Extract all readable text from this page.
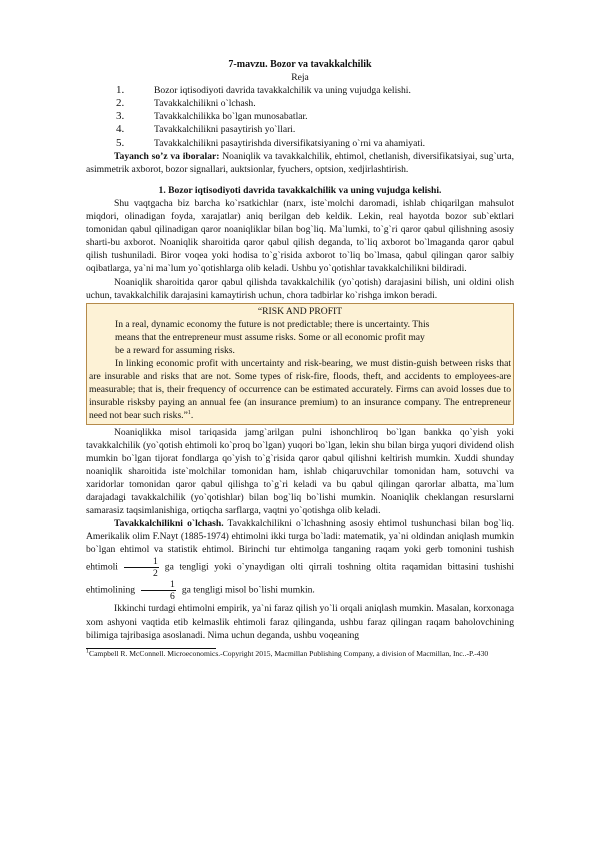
7-mavzu. Bozor va tavakkalchilik
Reja
1.	Bozor iqtisodiyoti davrida tavakkalchilik va uning vujudga kelishi.
2.	Tavakkalchilikni o`lchash.
3.	Tavakkalchilikka bo`lgan munosabatlar.
4.	Tavakkalchilikni pasaytirish yo`llari.
5.	Tavakkalchilikni pasaytirishda diversifikatsiyaning o`rni va ahamiyati.

Tayanch so’z va iboralar: Noaniqlik va tavakkalchilik, ehtimol, chetlanish, diversifikatsiyai, sug`urta, asimmetrik axborot, bozor signallari, auktsionlar, fyuchers, optsion, xedjirlashtirish.

1. Bozor iqtisodiyoti davrida tavakkalchilik va uning vujudga kelishi.

Shu vaqtgacha biz barcha ko`rsatkichlar (narx, iste`molchi daromadi, ishlab chiqarilgan mahsulot miqdori, olinadigan foyda, xarajatlar) aniq berilgan deb keldik. Lekin, real hayotda bozor sub`ektlari tomonidan qabul qilinadigan qaror noaniqliklar bilan bog`liq. Ma`lumki, to`g`ri qaror qabul qilishning asosiy sharti-bu axborot. Noaniqlik sharoitida qaror qabul qilish deganda, to`liq axborot bo`lmaganda qaror qabul qilish tushuniladi. Biror voqea yoki hodisa to`g`risida axborot to`liq bo`lmasa, qabul qilingan qaror salbiy oqibatlarga, ya`ni ma`lum yo`qotishlarga olib keladi. Ushbu yo`qotishlar tavakkalchilikni bildiradi.

Noaniqlik sharoitida qaror qabul qilishda tavakkalchilik (yo`qotish) darajasini bilish, uni oldini olish uchun, tavakkalchilik darajasini kamaytirish uchun, chora tadbirlar ko`rishga imkon beradi.

“RISK AND PROFIT

In a real, dynamic economy the future is not predictable; there is uncertainty. This means that the entrepreneur must assume risks. Some or all economic profit may be a reward for assuming risks.

In linking economic profit with uncertainty and risk-bearing, we must distin-guish between risks that are insurable and risks that are not. Some types of risk-fire, floods, theft, and accidents to employees-are measurable; that is, their frequency of occurrence can be estimated accurately. Firms can avoid losses due to insurable risksby paying an annual fee (an insurance premium) to an insurance company. The entrepreneur need not bear such risks.”$^1$.

Noaniqlikka misol tariqasida jamg`arilgan pulni ishonchliroq bo`lgan bankka qo`yish yoki tavakkalchilik (yo`qotish ehtimoli ko`proq bo`lgan) yuqori bo`lgan, lekin shu bilan birga yuqori dividend olish mumkin bo`lgan tijorat fondlarga qo`yish to`g`risida qaror qabul qilishni keltirish mumkin. Xuddi shunday noaniqlik sharoitida iste`molchilar tomonidan ham, ishlab chiqaruvchilar tomonidan ham, sotuvchi va xaridorlar tomonidan qaror qabul qilishga to`g`ri keladi va bu qabul qilingan qarorlar albatta, ma`lum darajadagi tavakkalchilik (yo`qotishlar) bilan bog`liq bo`lishi mumkin. Noaniqlik cheklangan resurslarni samarasiz taqsimlanishiga, ortiqcha sarflarga, vaqtni yo`qotishga olib keladi.

Tavakkalchilikni o`lchash. Tavakkalchilikni o`lchashning asosiy ehtimol tushunchasi bilan bog`liq. Amerikalik olim F.Nayt (1885-1974) ehtimolni ikki turga bo`ladi: matematik, ya`ni oldindan aniqlash mumkin bo`lgan ehtimol va statistik ehtimol. Birinchi tur ehtimolga tanganing raqam yoki gerb tomonini tushish ehtimoli $\frac{1}{2}$ ga tengligi yoki o`ynaydigan olti qirrali toshning oltita raqamidan bittasini tushishi ehtimolining $\frac{1}{6}$ ga tengligi misol bo`lishi mumkin.

Ikkinchi turdagi ehtimolni empirik, ya`ni faraz qilish yo`li orqali aniqlash mumkin. Masalan, korxonaga xom ashyoni vaqtida etib kelmaslik ehtimoli faraz qilinganda, ushbu faraz qilingan raqam baholovchining bilimiga tajribasiga asoslanadi. Nima uchun deganda, ushbu voqeaning

$^1$Campbell R. McConnell. Microeconomics.-Copyright 2015, Macmillan Publishing Company, a division of Macmillan, Inc..-P.-430
